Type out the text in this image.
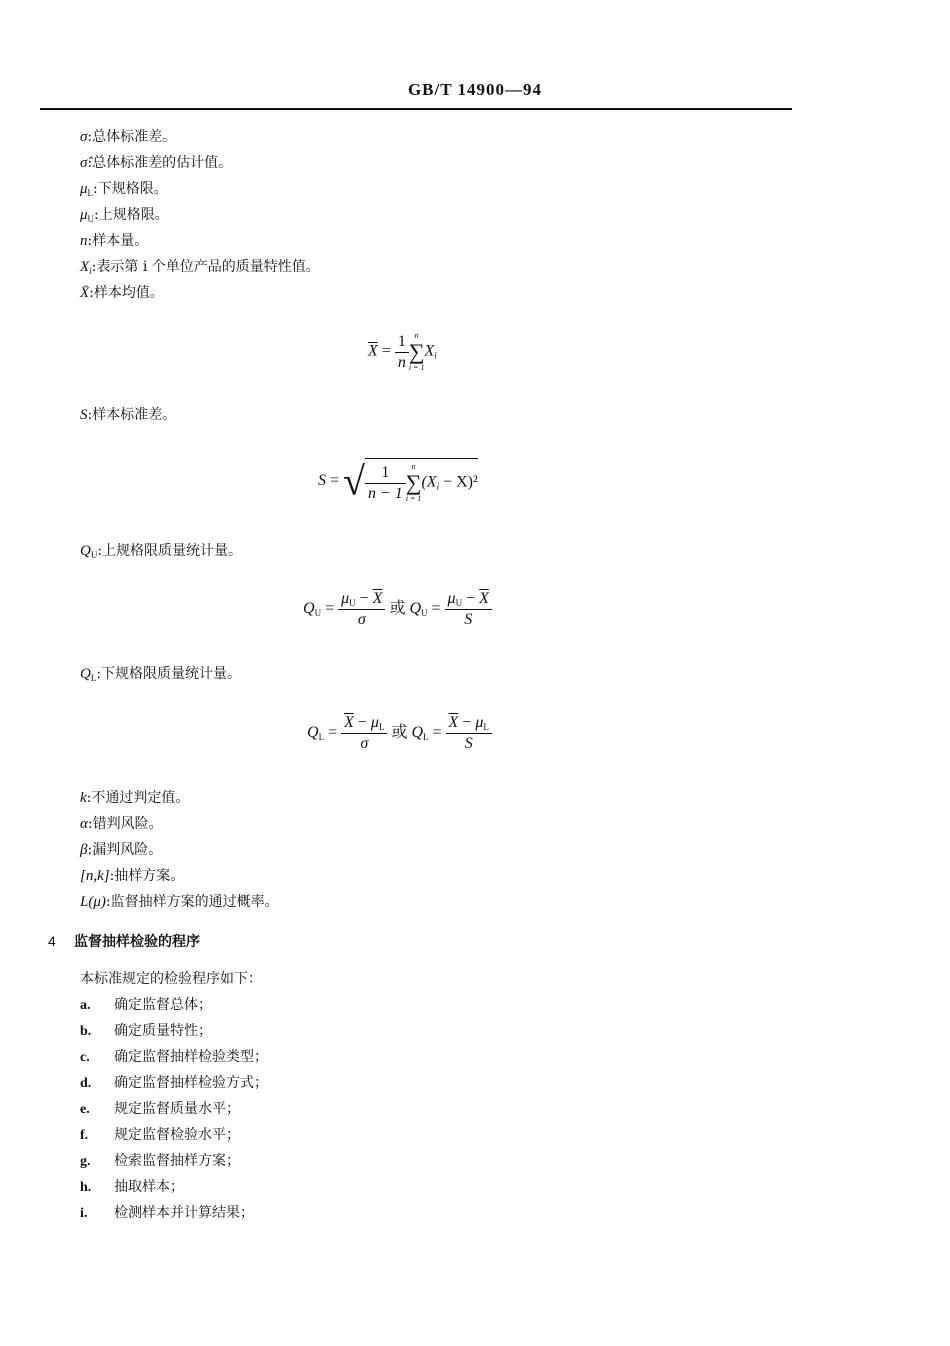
GB/T 14900—94
σ:总体标准差。
σ̂:总体标准差的估计值。
$\mu_L$:下规格限。
$\mu_U$:上规格限。
n:样本量。
$X_i$:表示第 i 个单位产品的质量特性值。
X̄:样本均值。
$\overline{X} = \frac{1}{n}$ n
∑
i = 1
$X_i$
S:样本标准差。
S = √ $\frac{1}{n - 1}$ n
∑
i = 1
$(X_i - X)^2$
$Q_U$:上规格限质量统计量。
$Q_U = \frac{\mu_U - \overline{X}}{\sigma}$ 或 $Q_U = \frac{\mu_U - \overline{X}}{S}$
$Q_L$:下规格限质量统计量。
$Q_L = \frac{\overline{X} - \mu_L}{\sigma}$ 或 $Q_L = \frac{\overline{X} - \mu_L}{S}$
k:不通过判定值。
α:错判风险。
β:漏判风险。
[n,k]:抽样方案。
L(μ):监督抽样方案的通过概率。
4 监督抽样检验的程序
本标准规定的检验程序如下：
a. 确定监督总体；
b. 确定质量特性；
c. 确定监督抽样检验类型；
d. 确定监督抽样检验方式；
e. 规定监督质量水平；
f. 规定监督检验水平；
g. 检索监督抽样方案；
h. 抽取样本；
i. 检测样本并计算结果；
